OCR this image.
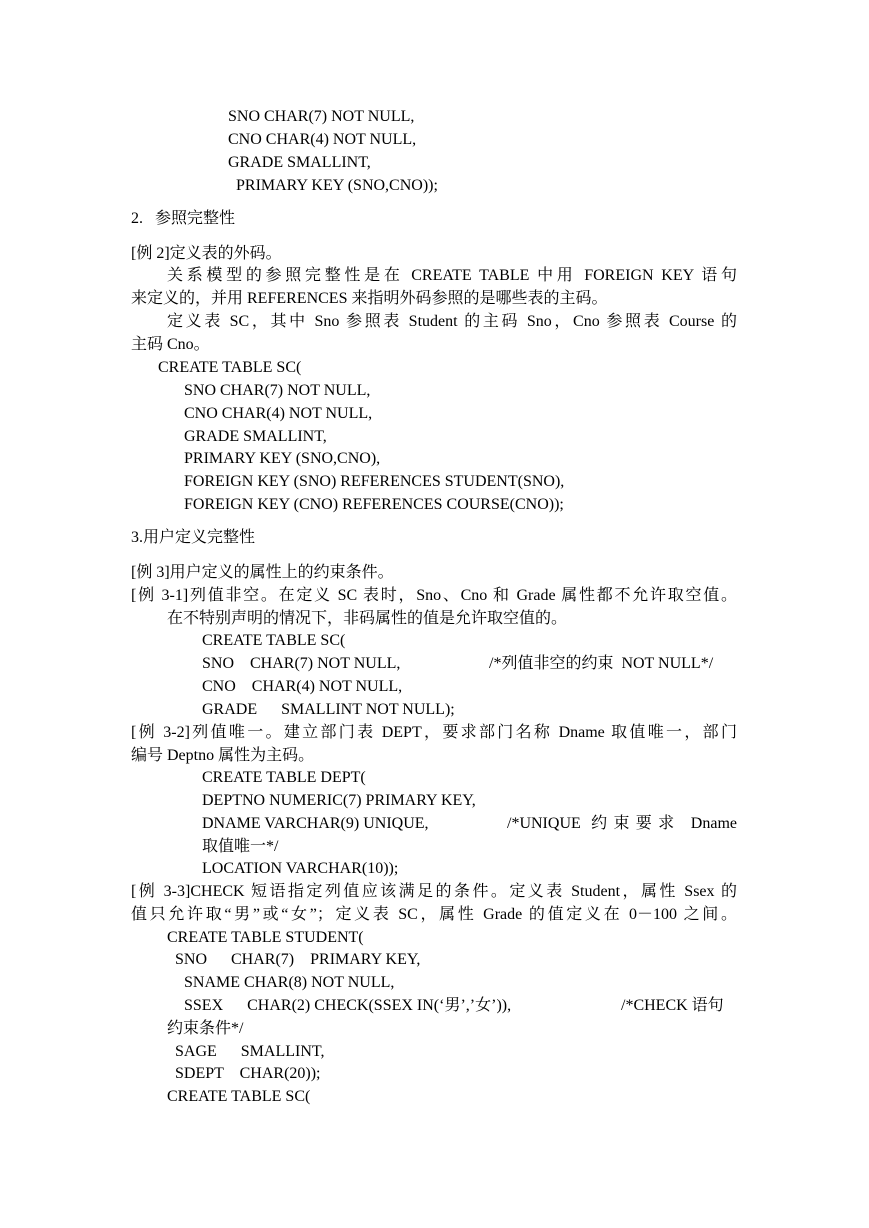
SNO CHAR(7) NOT NULL,
CNO CHAR(4) NOT NULL,
GRADE SMALLINT,
PRIMARY KEY (SNO,CNO));
2.   参照完整性
[例 2]定义表的外码。
关系模型的参照完整性是在 CREATE TABLE 中用 FOREIGN KEY 语句
来定义的，并用 REFERENCES 来指明外码参照的是哪些表的主码。
定义表 SC，其中 Sno 参照表 Student 的主码 Sno，Cno 参照表 Course 的
主码 Cno。
CREATE TABLE SC(
SNO CHAR(7) NOT NULL,
CNO CHAR(4) NOT NULL,
GRADE SMALLINT,
PRIMARY KEY (SNO,CNO),
FOREIGN KEY (SNO) REFERENCES STUDENT(SNO),
FOREIGN KEY (CNO) REFERENCES COURSE(CNO));
3.用户定义完整性
[例 3]用户定义的属性上的约束条件。
[例 3-1]列值非空。在定义 SC 表时，Sno、Cno 和 Grade 属性都不允许取空值。
在不特别声明的情况下，非码属性的值是允许取空值的。
CREATE TABLE SC(
SNO    CHAR(7) NOT NULL,	/*列值非空的约束  NOT NULL*/
CNO    CHAR(4) NOT NULL,
GRADE      SMALLINT NOT NULL);
[例 3-2]列值唯一。建立部门表 DEPT，要求部门名称 Dname 取值唯一，部门
编号 Deptno 属性为主码。
CREATE TABLE DEPT(
DEPTNO NUMERIC(7) PRIMARY KEY,
DNAME VARCHAR(9) UNIQUE,	/*UNIQUE 约束要求 Dname
取值唯一*/
LOCATION VARCHAR(10));
[例 3-3]CHECK 短语指定列值应该满足的条件。定义表 Student，属性 Ssex 的
值只允许取“男”或“女”；定义表 SC，属性 Grade 的值定义在 0－100 之间。
CREATE TABLE STUDENT(
SNO      CHAR(7)    PRIMARY KEY,
SNAME CHAR(8) NOT NULL,
SSEX      CHAR(2) CHECK(SSEX IN(‘男’,’女’)),	/*CHECK 语句
约束条件*/
SAGE      SMALLINT,
SDEPT    CHAR(20));
CREATE TABLE SC(
